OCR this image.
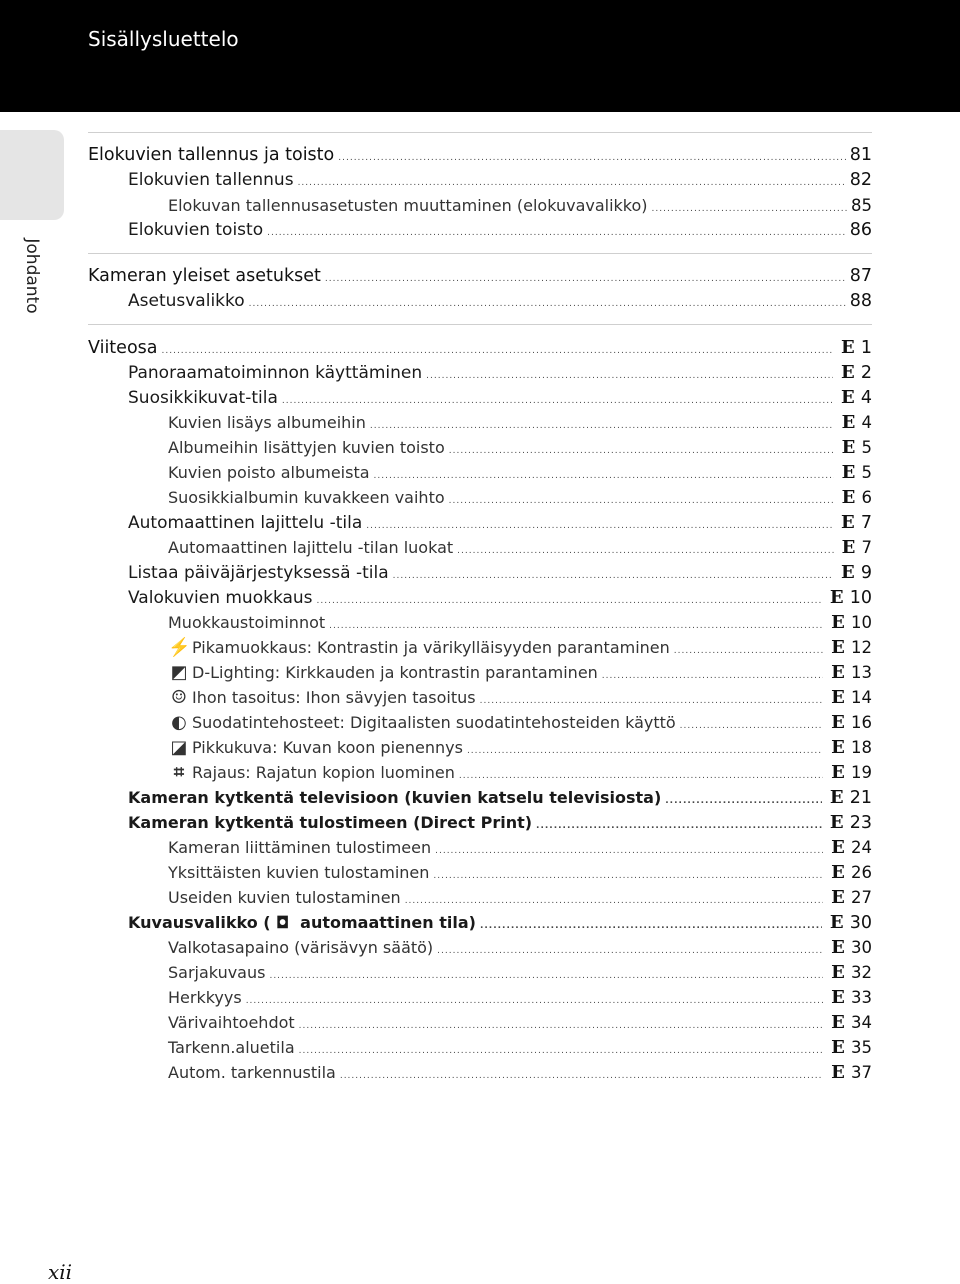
Sisällysluettelo
Johdanto
Elokuvien tallennus ja toisto .....	81
Elokuvien tallennus .....	82
Elokuvan tallennusasetusten muuttaminen (elokuvavalikko) .....	85
Elokuvien toisto .....	86
Kameran yleiset asetukset .....	87
Asetusvalikko .....	88
Viiteosa .....	E 1
Panoraamatoiminnon käyttäminen .....	E 2
Suosikkikuvat-tila .....	E 4
Kuvien lisäys albumeihin .....	E 4
Albumeihin lisättyjen kuvien toisto .....	E 5
Kuvien poisto albumeista .....	E 5
Suosikkialbumin kuvakkeen vaihto .....	E 6
Automaattinen lajittelu -tila .....	E 7
Automaattinen lajittelu -tilan luokat .....	E 7
Listaa päiväjärjestyksessä -tila .....	E 9
Valokuvien muokkaus .....	E 10
Muokkaustoiminnot .....	E 10
⚡Pikamuokkaus: Kontrastin ja värikylläisyyden parantaminen .....	E 12
◩ D-Lighting: Kirkkauden ja kontrastin parantaminen .....	E 13
☺ Ihon tasoitus: Ihon sävyjen tasoitus .....	E 14
◐ Suodatintehosteet: Digitaalisten suodatintehosteiden käyttö .....	E 16
◪ Pikkukuva: Kuvan koon pienennys .....	E 18
⌗ Rajaus: Rajatun kopion luominen .....	E 19
Kameran kytkentä televisioon (kuvien katselu televisiosta) .....	E 21
Kameran kytkentä tulostimeen (Direct Print) .....	E 23
Kameran liittäminen tulostimeen .....	E 24
Yksittäisten kuvien tulostaminen .....	E 26
Useiden kuvien tulostaminen .....	E 27
Kuvausvalikko ( ◘ automaattinen tila) .....	E 30
Valkotasapaino (värisävyn säätö) .....	E 30
Sarjakuvaus .....	E 32
Herkkyys .....	E 33
Värivaihtoehdot .....	E 34
Tarkenn.aluetila .....	E 35
Autom. tarkennustila .....	E 37
xii
